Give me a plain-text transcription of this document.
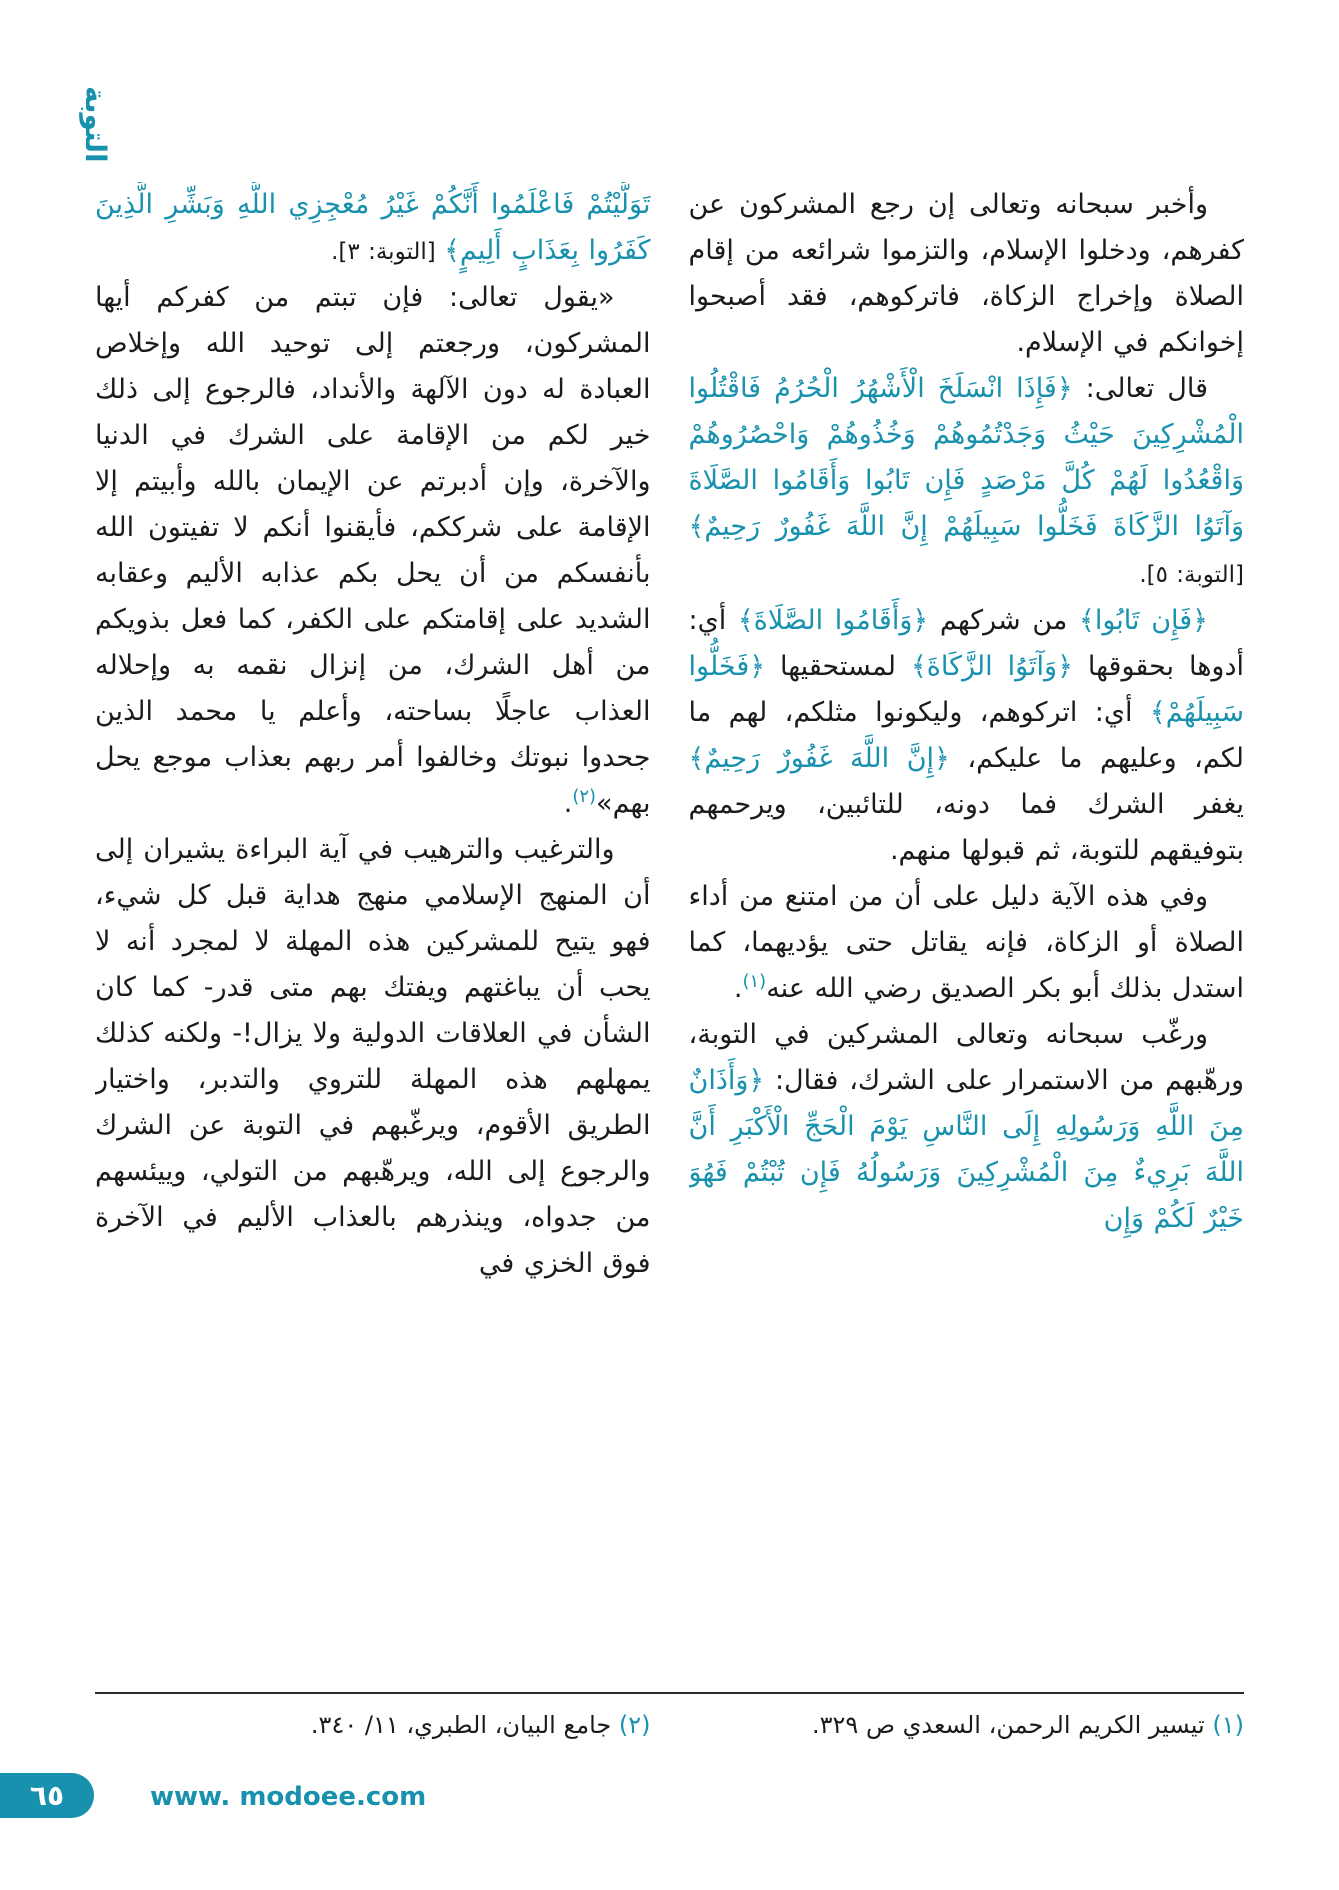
التوبة

وأخبر سبحانه وتعالى إن رجع المشركون عن كفرهم، ودخلوا الإسلام، والتزموا شرائعه من إقام الصلاة وإخراج الزكاة، فاتركوهم، فقد أصبحوا إخوانكم في الإسلام.

قال تعالى: ﴿فَإِذَا انْسَلَخَ الْأَشْهُرُ الْحُرُمُ فَاقْتُلُوا الْمُشْرِكِينَ حَيْثُ وَجَدْتُمُوهُمْ وَخُذُوهُمْ وَاحْصُرُوهُمْ وَاقْعُدُوا لَهُمْ كُلَّ مَرْصَدٍ فَإِن تَابُوا وَأَقَامُوا الصَّلَاةَ وَآتَوُا الزَّكَاةَ فَخَلُّوا سَبِيلَهُمْ إِنَّ اللَّهَ غَفُورٌ رَحِيمٌ﴾ [التوبة: ٥].

﴿فَإِن تَابُوا﴾ من شركهم ﴿وَأَقَامُوا الصَّلَاةَ﴾ أي: أدوها بحقوقها ﴿وَآتَوُا الزَّكَاةَ﴾ لمستحقيها ﴿فَخَلُّوا سَبِيلَهُمْ﴾ أي: اتركوهم، وليكونوا مثلكم، لهم ما لكم، وعليهم ما عليكم، ﴿إِنَّ اللَّهَ غَفُورٌ رَحِيمٌ﴾ يغفر الشرك فما دونه، للتائبين، ويرحمهم بتوفيقهم للتوبة، ثم قبولها منهم.

وفي هذه الآية دليل على أن من امتنع من أداء الصلاة أو الزكاة، فإنه يقاتل حتى يؤديهما، كما استدل بذلك أبو بكر الصديق رضي الله عنه$^{(١)}$.

ورغّب سبحانه وتعالى المشركين في التوبة، ورهّبهم من الاستمرار على الشرك، فقال: ﴿وَأَذَانٌ مِنَ اللَّهِ وَرَسُولِهِ إِلَى النَّاسِ يَوْمَ الْحَجِّ الْأَكْبَرِ أَنَّ اللَّهَ بَرِيءٌ مِنَ الْمُشْرِكِينَ وَرَسُولُهُ فَإِن تُبْتُمْ فَهُوَ خَيْرٌ لَكُمْ وَإِن

تَوَلَّيْتُمْ فَاعْلَمُوا أَنَّكُمْ غَيْرُ مُعْجِزِي اللَّهِ وَبَشِّرِ الَّذِينَ كَفَرُوا بِعَذَابٍ أَلِيمٍ﴾ [التوبة: ٣].

«يقول تعالى: فإن تبتم من كفركم أيها المشركون، ورجعتم إلى توحيد الله وإخلاص العبادة له دون الآلهة والأنداد، فالرجوع إلى ذلك خير لكم من الإقامة على الشرك في الدنيا والآخرة، وإن أدبرتم عن الإيمان بالله وأبيتم إلا الإقامة على شرككم، فأيقنوا أنكم لا تفيتون الله بأنفسكم من أن يحل بكم عذابه الأليم وعقابه الشديد على إقامتكم على الكفر، كما فعل بذويكم من أهل الشرك، من إنزال نقمه به وإحلاله العذاب عاجلًا بساحته، وأعلم يا محمد الذين جحدوا نبوتك وخالفوا أمر ربهم بعذاب موجع يحل بهم»$^{(٢)}$.

والترغيب والترهيب في آية البراءة يشيران إلى أن المنهج الإسلامي منهج هداية قبل كل شيء، فهو يتيح للمشركين هذه المهلة لا لمجرد أنه لا يحب أن يباغتهم ويفتك بهم متى قدر- كما كان الشأن في العلاقات الدولية ولا يزال!- ولكنه كذلك يمهلهم هذه المهلة للتروي والتدبر، واختيار الطريق الأقوم، ويرغّبهم في التوبة عن الشرك والرجوع إلى الله، ويرهّبهم من التولي، وييئسهم من جدواه، وينذرهم بالعذاب الأليم في الآخرة فوق الخزي في

(١) تيسير الكريم الرحمن، السعدي ص ٣٢٩.
(٢) جامع البيان، الطبري، ١١/ ٣٤٠.
٦٥	www. modoee.com
